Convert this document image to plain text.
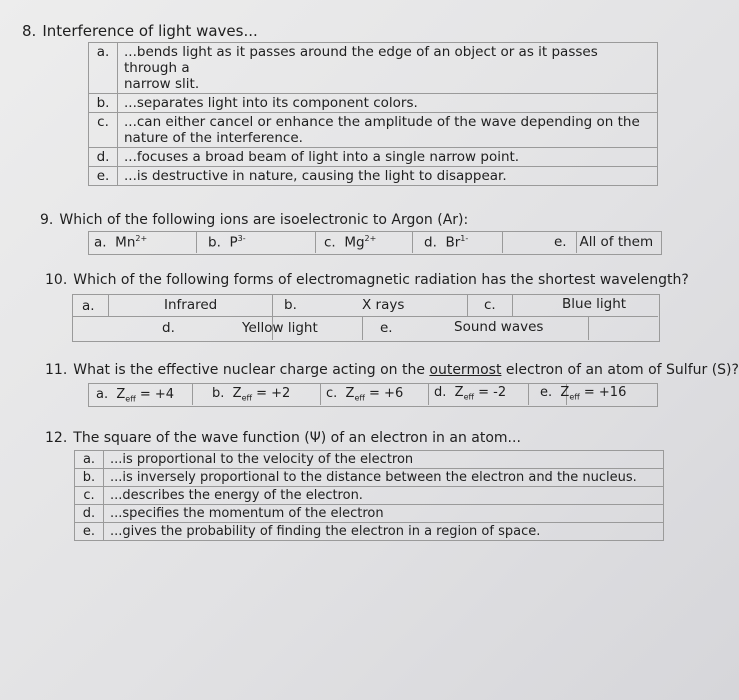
8. Interference of light waves...
a.	...bends light as it passes around the edge of an object or as it passes through a
narrow slit.

b.	...separates light into its component colors.
c.	...can either cancel or enhance the amplitude of the wave depending on the
nature of the interference.

d.	...focuses a broad beam of light into a single narrow point.
e.	...is destructive in nature, causing the light to disappear.
9. Which of the following ions are isoelectronic to Argon (Ar):
a. $Mn^{2+}$	b. $P^{3-}$	c. $Mg^{2+}$	d. $Br^{1-}$	e. All of them
10. Which of the following forms of electromagnetic radiation has the shortest wavelength?
a.	Infrared	b.	X rays	c.	Blue light
d.	Yellow light	e.	Sound waves
11. What is the effective nuclear charge acting on the outermost electron of an atom of Sulfur (S)?
a. $Z_{eff} = +4$	b. $Z_{eff} = +2$	c. $Z_{eff} = +6$ d. $Z_{eff} = -2$	e. $Z_{eff} = +16$
12. The square of the wave function (Ψ) of an electron in an atom...
a.	...is proportional to the velocity of the electron
b.	...is inversely proportional to the distance between the electron and the nucleus.
c.	...describes the energy of the electron.
d.	...specifies the momentum of the electron
e.	...gives the probability of finding the electron in a region of space.
